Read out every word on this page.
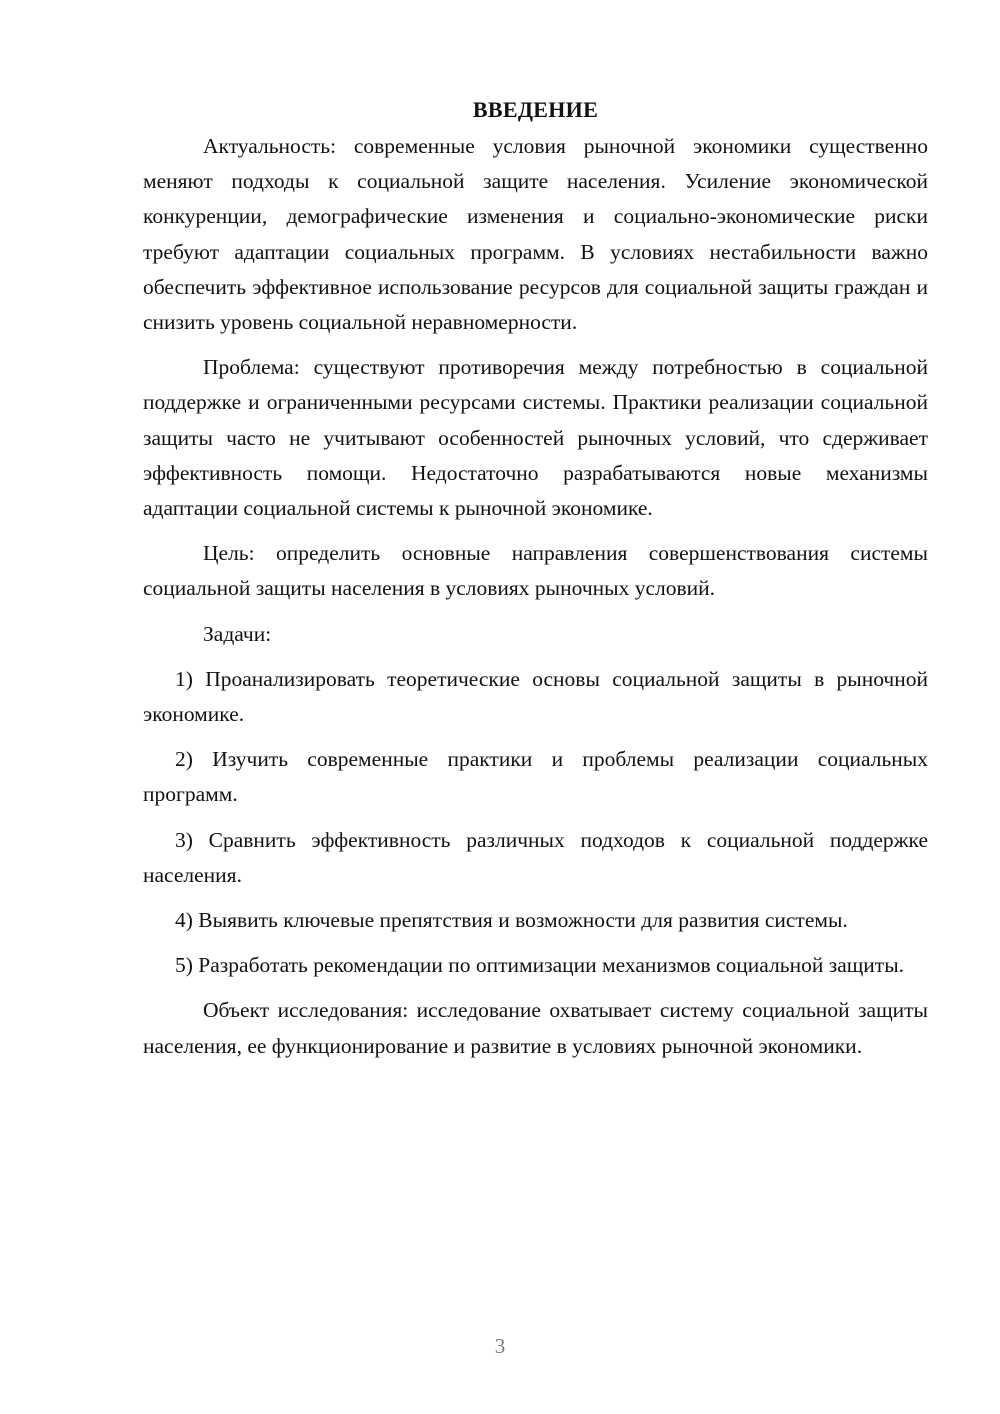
ВВЕДЕНИЕ

Актуальность: современные условия рыночной экономики существенно меняют подходы к социальной защите населения. Усиление экономической конкуренции, демографические изменения и социально-экономические риски требуют адаптации социальных программ. В условиях нестабильности важно обеспечить эффективное использование ресурсов для социальной защиты граждан и снизить уровень социальной неравномерности.

Проблема: существуют противоречия между потребностью в социальной поддержке и ограниченными ресурсами системы. Практики реализации социальной защиты часто не учитывают особенностей рыночных условий, что сдерживает эффективность помощи. Недостаточно разрабатываются новые механизмы адаптации социальной системы к рыночной экономике.

Цель: определить основные направления совершенствования системы социальной защиты населения в условиях рыночных условий.

Задачи:

1) Проанализировать теоретические основы социальной защиты в рыночной экономике.

2) Изучить современные практики и проблемы реализации социальных программ.

3) Сравнить эффективность различных подходов к социальной поддержке населения.

4) Выявить ключевые препятствия и возможности для развития системы.

5) Разработать рекомендации по оптимизации механизмов социальной защиты.

Объект исследования: исследование охватывает систему социальной защиты населения, ее функционирование и развитие в условиях рыночной экономики.

3
